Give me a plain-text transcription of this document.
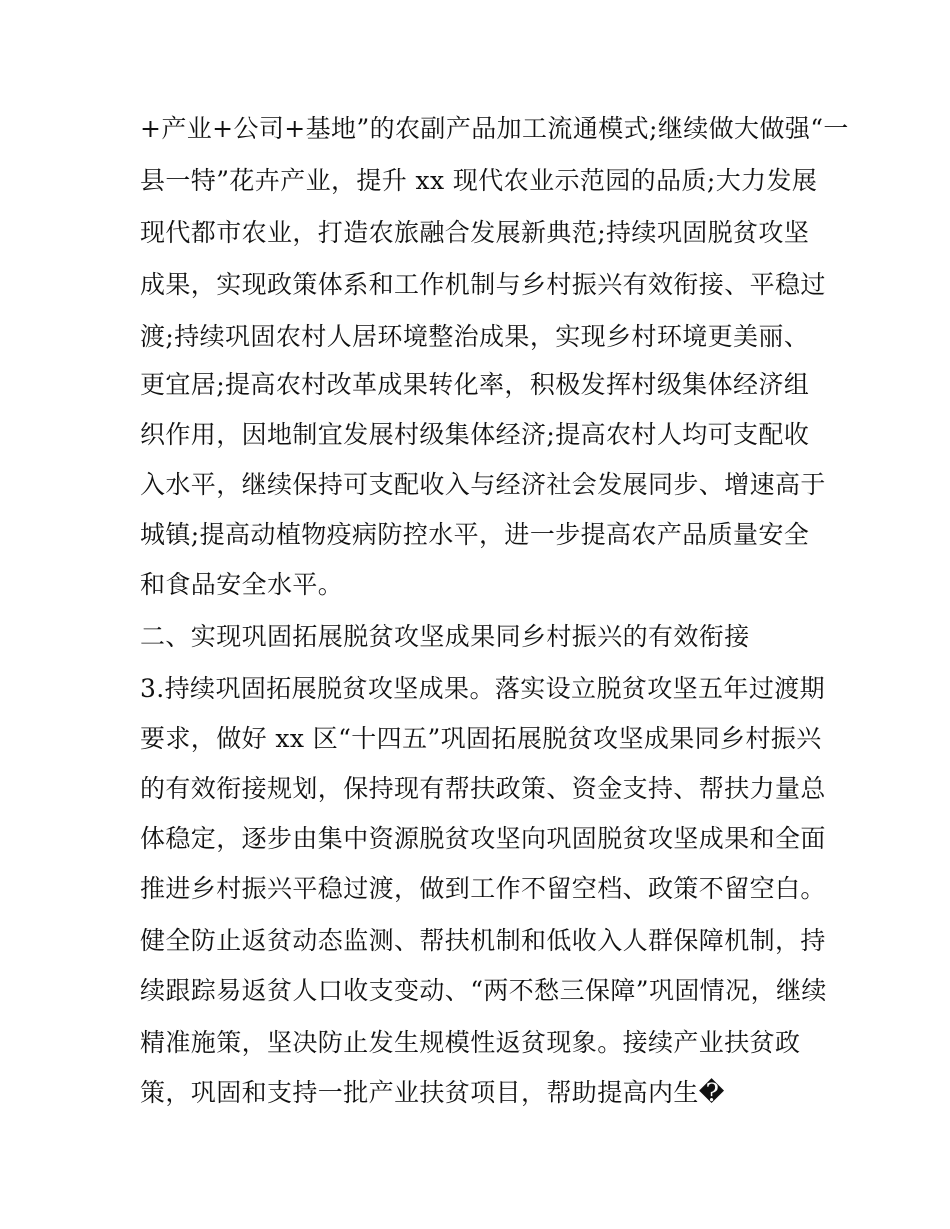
+产业+公司+基地”的农副产品加工流通模式;继续做大做强“一
县一特”花卉产业，提升 xx 现代农业示范园的品质;大力发展
现代都市农业，打造农旅融合发展新典范;持续巩固脱贫攻坚
成果，实现政策体系和工作机制与乡村振兴有效衔接、平稳过
渡;持续巩固农村人居环境整治成果，实现乡村环境更美丽、
更宜居;提高农村改革成果转化率，积极发挥村级集体经济组
织作用，因地制宜发展村级集体经济;提高农村人均可支配收
入水平，继续保持可支配收入与经济社会发展同步、增速高于
城镇;提高动植物疫病防控水平，进一步提高农产品质量安全
和食品安全水平。
二、实现巩固拓展脱贫攻坚成果同乡村振兴的有效衔接
3.持续巩固拓展脱贫攻坚成果。落实设立脱贫攻坚五年过渡期
要求，做好 xx 区“十四五”巩固拓展脱贫攻坚成果同乡村振兴
的有效衔接规划，保持现有帮扶政策、资金支持、帮扶力量总
体稳定，逐步由集中资源脱贫攻坚向巩固脱贫攻坚成果和全面
推进乡村振兴平稳过渡，做到工作不留空档、政策不留空白。
健全防止返贫动态监测、帮扶机制和低收入人群保障机制，持
续跟踪易返贫人口收支变动、“两不愁三保障”巩固情况，继续
精准施策，坚决防止发生规模性返贫现象。接续产业扶贫政
策，巩固和支持一批产业扶贫项目，帮助提高内生�
